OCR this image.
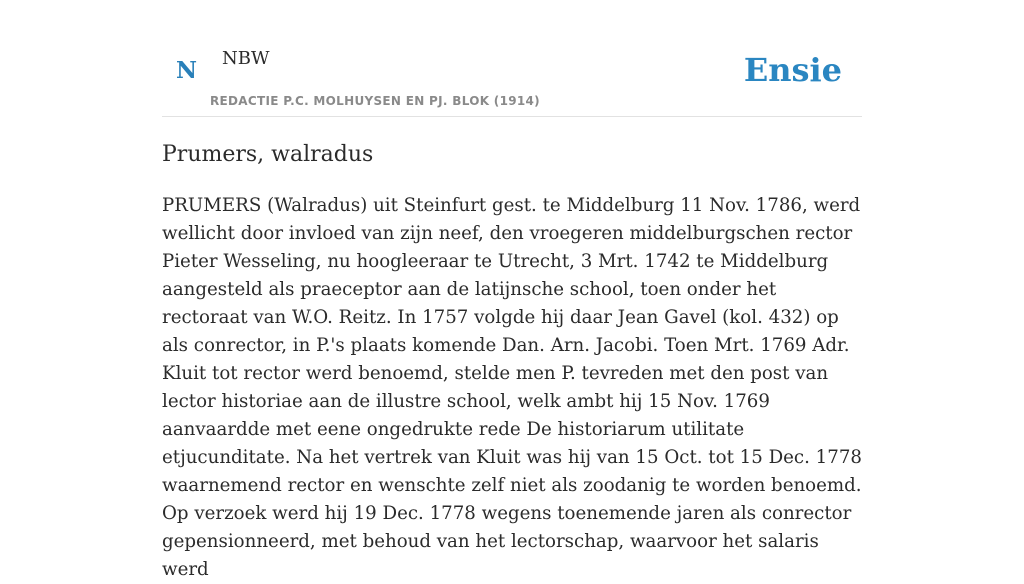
N NBW
REDACTIE P.C. MOLHUYSEN EN PJ. BLOK (1914)
Ensie
Prumers, walradus

PRUMERS (Walradus) uit Steinfurt gest. te Middelburg 11 Nov. 1786, werd wellicht door invloed van zijn neef, den vroegeren middelburgschen rector Pieter Wesseling, nu hoogleeraar te Utrecht, 3 Mrt. 1742 te Middelburg aangesteld als praeceptor aan de latijnsche school, toen onder het rectoraat van W.O. Reitz. In 1757 volgde hij daar Jean Gavel (kol. 432) op als conrector, in P.'s plaats komende Dan. Arn. Jacobi. Toen Mrt. 1769 Adr. Kluit tot rector werd benoemd, stelde men P. tevreden met den post van lector historiae aan de illustre school, welk ambt hij 15 Nov. 1769 aanvaardde met eene ongedrukte rede De historiarum utilitate etjucunditate. Na het vertrek van Kluit was hij van 15 Oct. tot 15 Dec. 1778 waarnemend rector en wenschte zelf niet als zoodanig te worden benoemd. Op verzoek werd hij 19 Dec. 1778 wegens toenemende jaren als conrector gepensionneerd, met behoud van het lectorschap, waarvoor het salaris werd
